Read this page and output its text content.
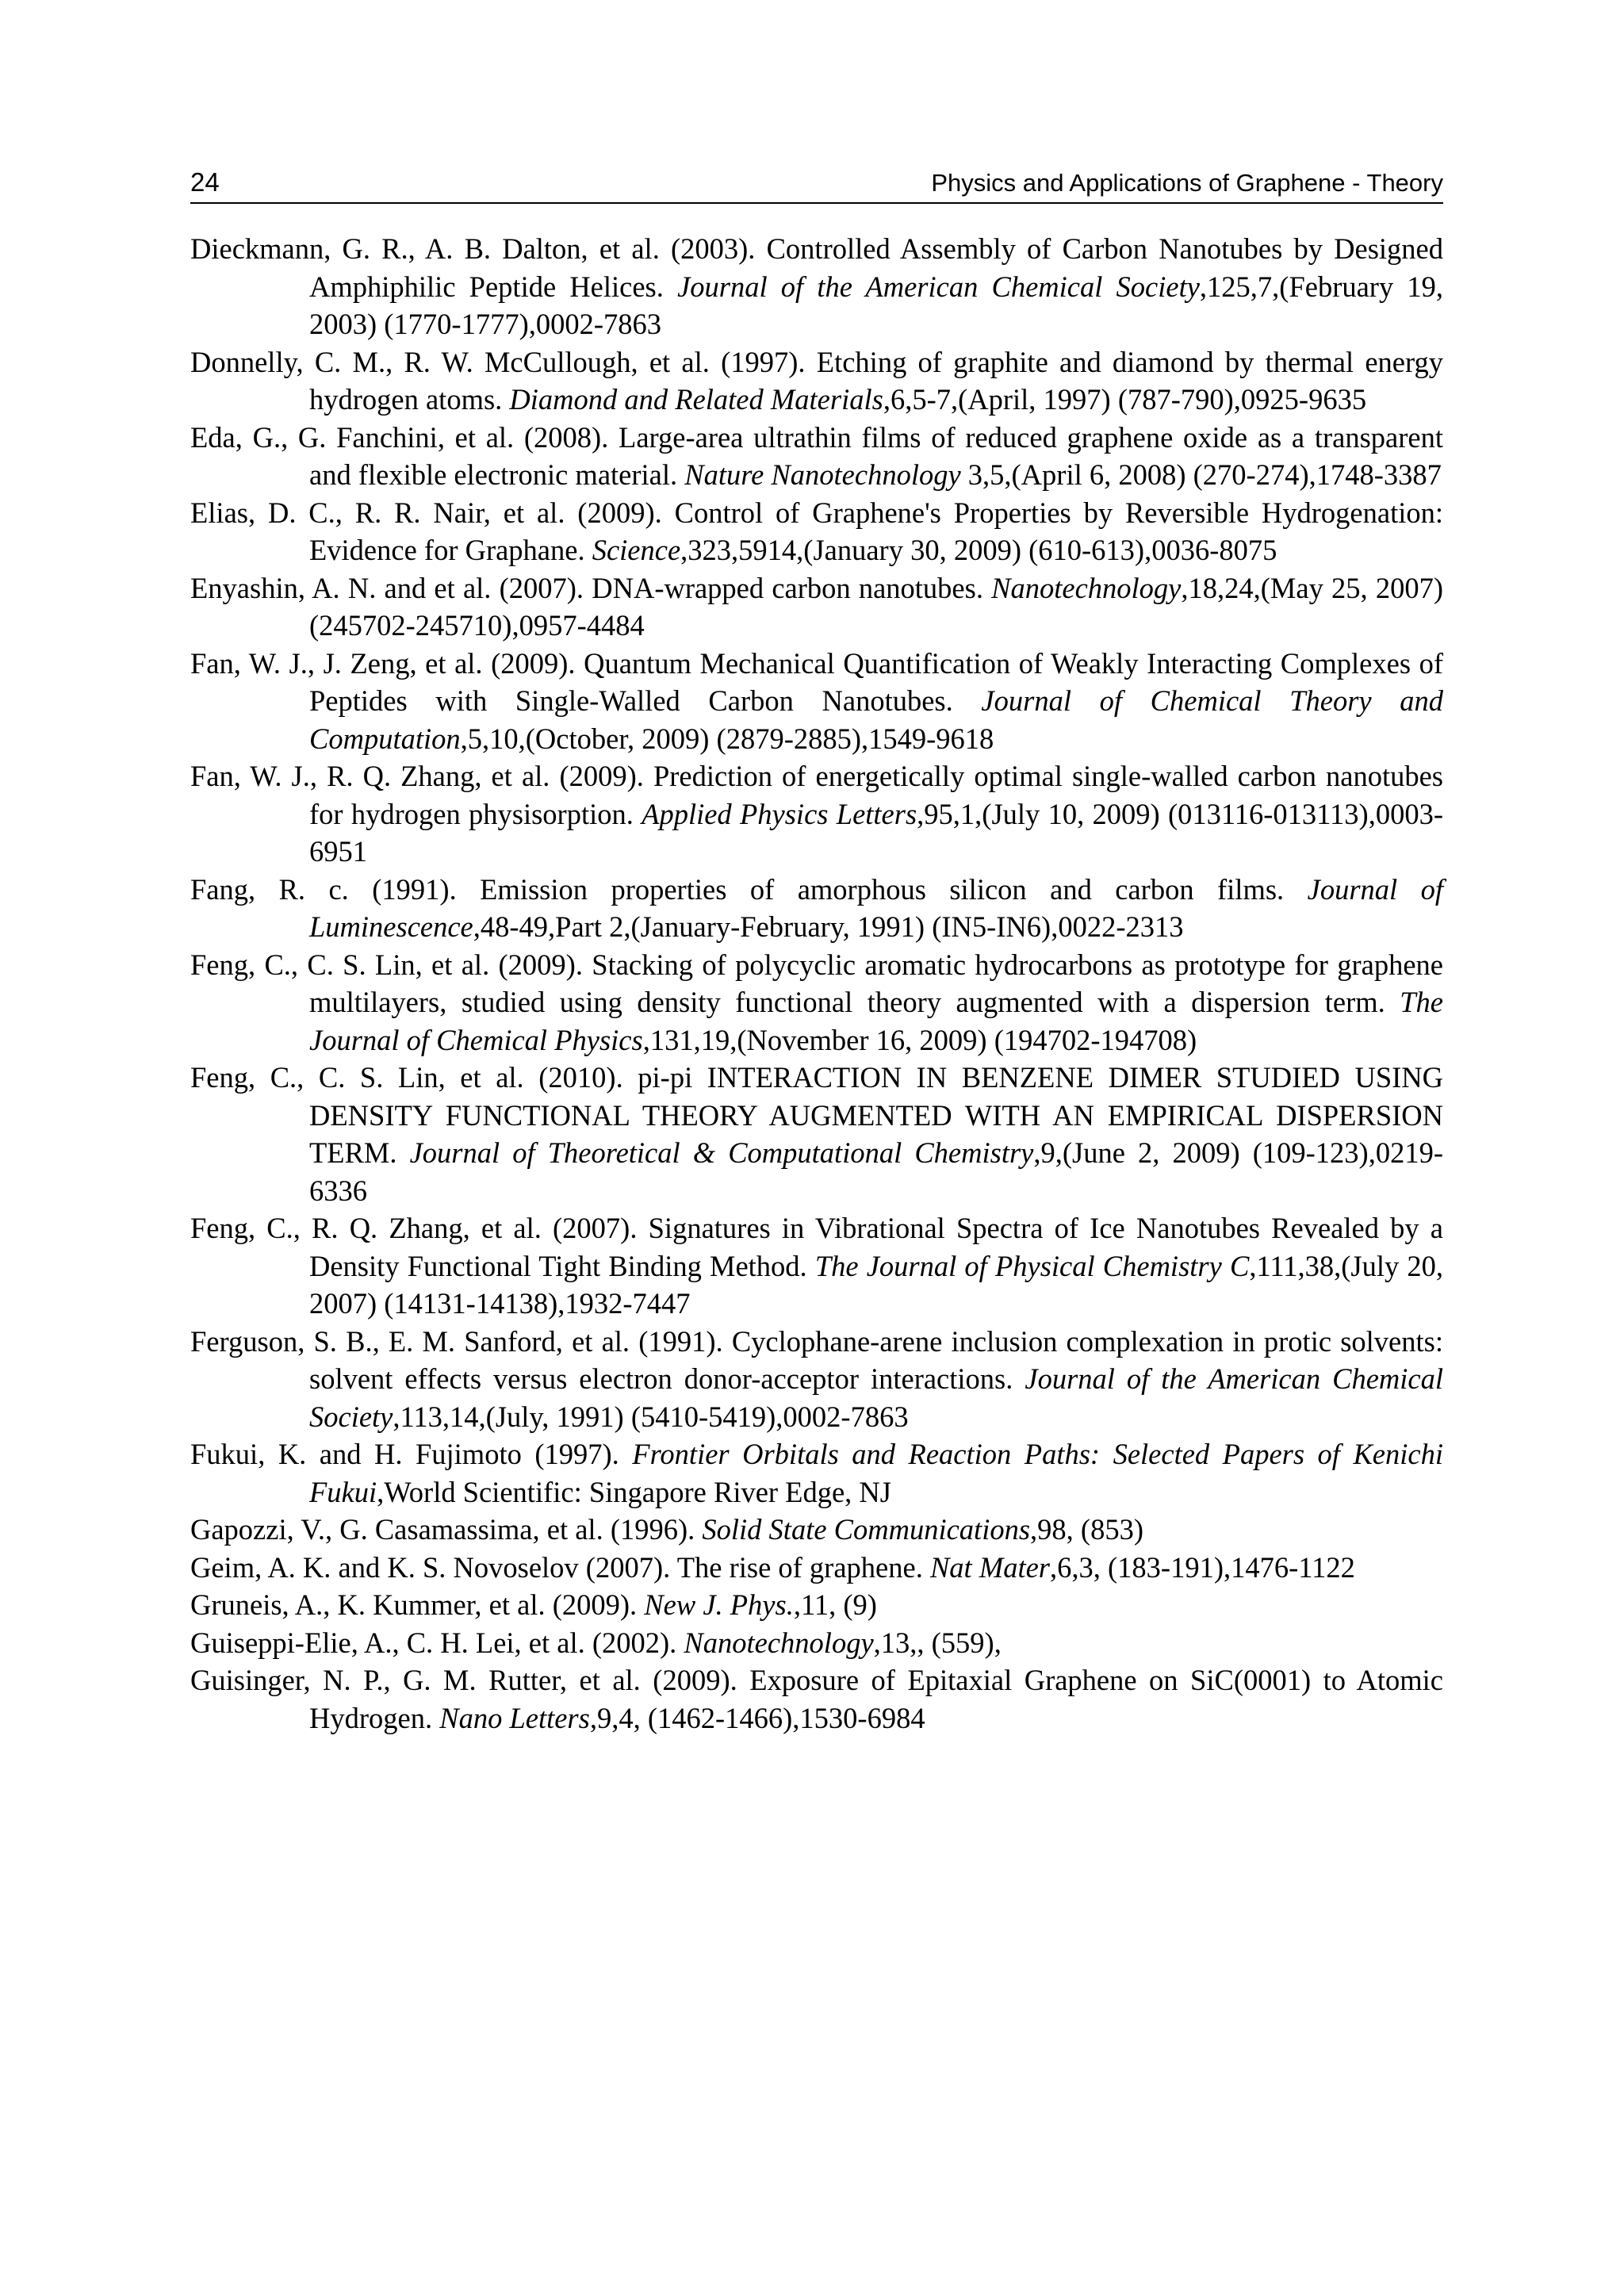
24	Physics and Applications of Graphene - Theory

Dieckmann, G. R., A. B. Dalton, et al. (2003). Controlled Assembly of Carbon Nanotubes by Designed Amphiphilic Peptide Helices. Journal of the American Chemical Society,125,7,(February 19, 2003) (1770-1777),0002-7863

Donnelly, C. M., R. W. McCullough, et al. (1997). Etching of graphite and diamond by thermal energy hydrogen atoms. Diamond and Related Materials,6,5-7,(April, 1997) (787-790),0925-9635

Eda, G., G. Fanchini, et al. (2008). Large-area ultrathin films of reduced graphene oxide as a transparent and flexible electronic material. Nature Nanotechnology 3,5,(April 6, 2008) (270-274),1748-3387

Elias, D. C., R. R. Nair, et al. (2009). Control of Graphene's Properties by Reversible Hydrogenation: Evidence for Graphane. Science,323,5914,(January 30, 2009) (610-613),0036-8075

Enyashin, A. N. and et al. (2007). DNA-wrapped carbon nanotubes. Nanotechnology,18,24,(May 25, 2007) (245702-245710),0957-4484

Fan, W. J., J. Zeng, et al. (2009). Quantum Mechanical Quantification of Weakly Interacting Complexes of Peptides with Single-Walled Carbon Nanotubes. Journal of Chemical Theory and Computation,5,10,(October, 2009) (2879-2885),1549-9618

Fan, W. J., R. Q. Zhang, et al. (2009). Prediction of energetically optimal single-walled carbon nanotubes for hydrogen physisorption. Applied Physics Letters,95,1,(July 10, 2009) (013116-013113),0003-6951

Fang, R. c. (1991). Emission properties of amorphous silicon and carbon films. Journal of Luminescence,48-49,Part 2,(January-February, 1991) (IN5-IN6),0022-2313

Feng, C., C. S. Lin, et al. (2009). Stacking of polycyclic aromatic hydrocarbons as prototype for graphene multilayers, studied using density functional theory augmented with a dispersion term. The Journal of Chemical Physics,131,19,(November 16, 2009) (194702-194708)

Feng, C., C. S. Lin, et al. (2010). pi-pi INTERACTION IN BENZENE DIMER STUDIED USING DENSITY FUNCTIONAL THEORY AUGMENTED WITH AN EMPIRICAL DISPERSION TERM. Journal of Theoretical & Computational Chemistry,9,(June 2, 2009) (109-123),0219-6336

Feng, C., R. Q. Zhang, et al. (2007). Signatures in Vibrational Spectra of Ice Nanotubes Revealed by a Density Functional Tight Binding Method. The Journal of Physical Chemistry C,111,38,(July 20, 2007) (14131-14138),1932-7447

Ferguson, S. B., E. M. Sanford, et al. (1991). Cyclophane-arene inclusion complexation in protic solvents: solvent effects versus electron donor-acceptor interactions. Journal of the American Chemical Society,113,14,(July, 1991) (5410-5419),0002-7863

Fukui, K. and H. Fujimoto (1997). Frontier Orbitals and Reaction Paths: Selected Papers of Kenichi Fukui,World Scientific: Singapore River Edge, NJ

Gapozzi, V., G. Casamassima, et al. (1996). Solid State Communications,98, (853)

Geim, A. K. and K. S. Novoselov (2007). The rise of graphene. Nat Mater,6,3, (183-191),1476-1122

Gruneis, A., K. Kummer, et al. (2009). New J. Phys.,11, (9)

Guiseppi-Elie, A., C. H. Lei, et al. (2002). Nanotechnology,13,, (559),

Guisinger, N. P., G. M. Rutter, et al. (2009). Exposure of Epitaxial Graphene on SiC(0001) to Atomic Hydrogen. Nano Letters,9,4, (1462-1466),1530-6984
